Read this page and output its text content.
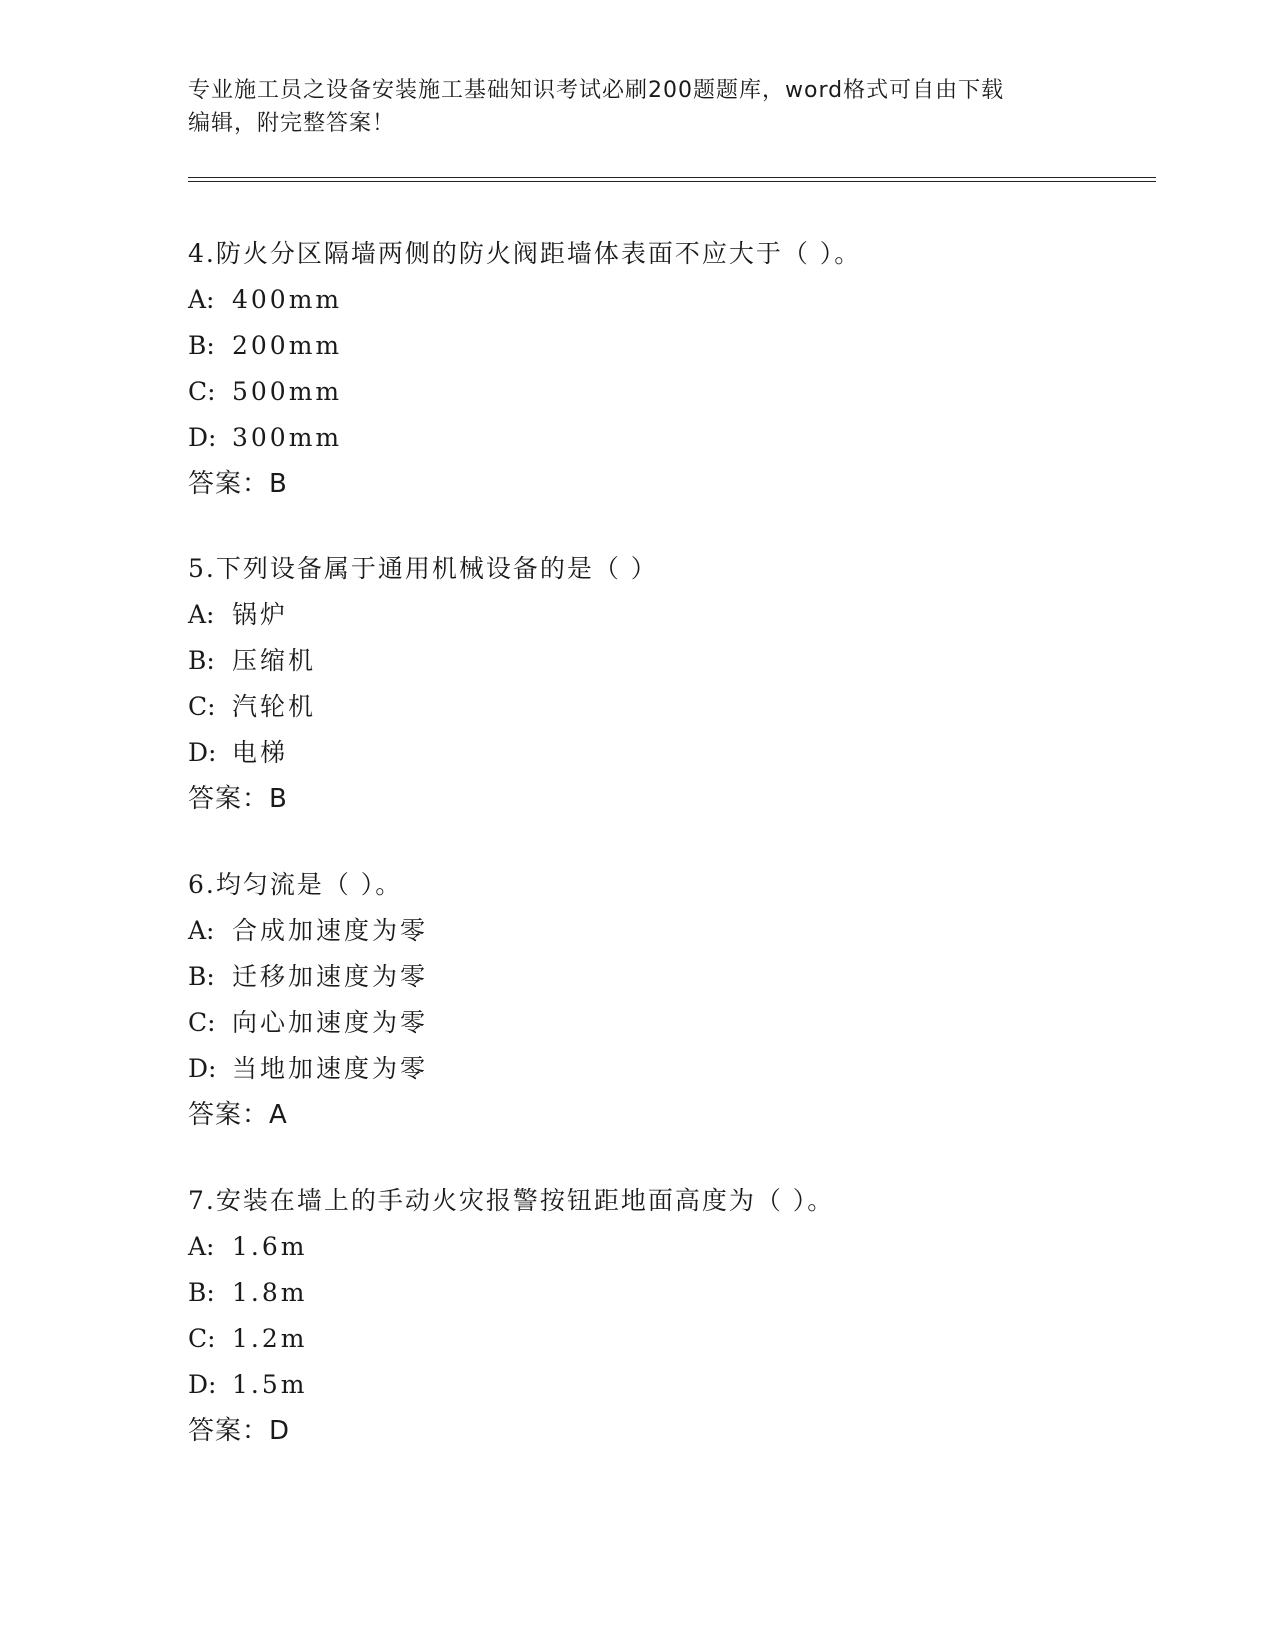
专业施工员之设备安装施工基础知识考试必刷200题题库，word格式可自由下载
编辑，附完整答案！
4.防火分区隔墙两侧的防火阀距墙体表面不应大于（ ）。
A: 400mm
B: 200mm
C: 500mm
D: 300mm
答案：B
5.下列设备属于通用机械设备的是（ ）
A: 锅炉
B: 压缩机
C: 汽轮机
D: 电梯
答案：B
6.均匀流是（ ）。
A: 合成加速度为零
B: 迁移加速度为零
C: 向心加速度为零
D: 当地加速度为零
答案：A
7.安装在墙上的手动火灾报警按钮距地面高度为（ ）。
A: 1.6m
B: 1.8m
C: 1.2m
D: 1.5m
答案：D
